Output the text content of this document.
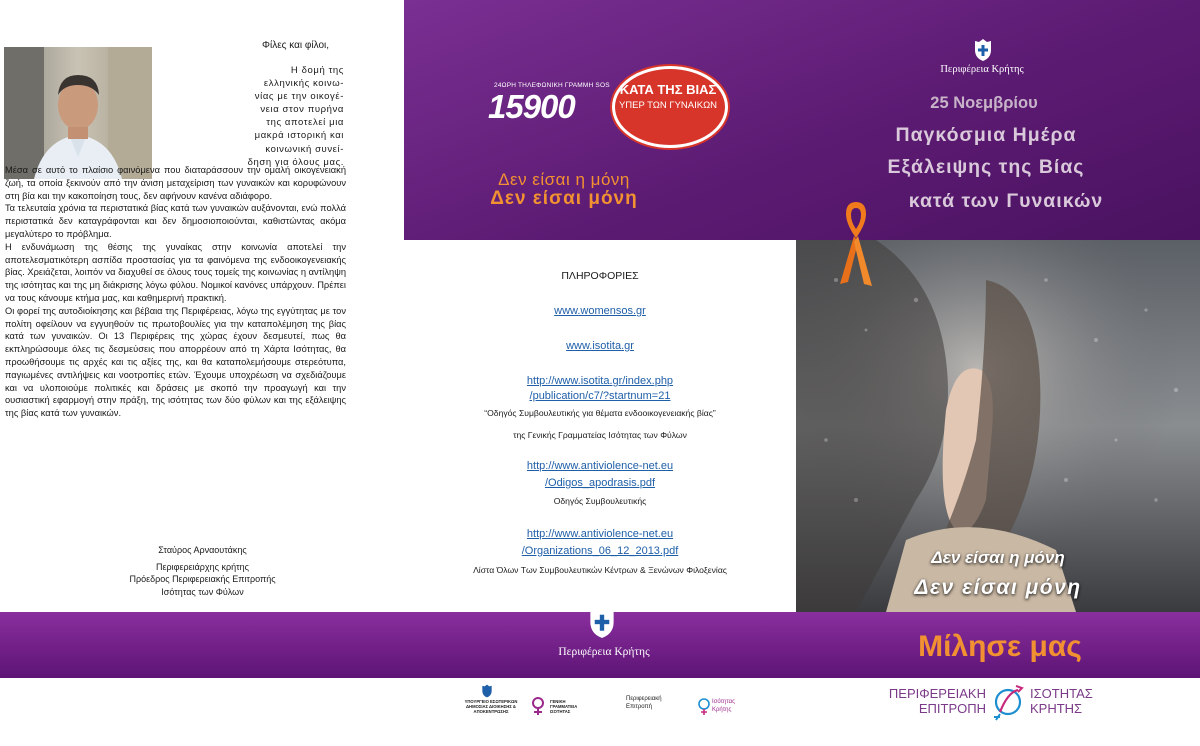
Φίλες και φίλοι,
Η δομή της
ελληνικής κοινω-
νίας με την οικογέ-
νεια στον πυρήνα
της αποτελεί μια
μακρά ιστορική και
κοινωνική συνεί-
δηση για όλους μας.

Μέσα σε αυτό το πλαίσιο φαινόμενα που διαταράσσουν την ομαλή οικογενειακή ζωή, τα οποία ξεκινούν από την άνιση μεταχείριση των γυναικών και κορυφώνουν στη βία και την κακοποίηση τους, δεν αφήνουν κανένα αδιάφορο.

Τα τελευταία χρόνια τα περιστατικά βίας κατά των γυναικών αυξάνονται, ενώ πολλά περιστατικά δεν καταγράφονται και δεν δημοσιοποιούνται, καθιστώντας ακόμα μεγαλύτερο το πρόβλημα.

Η ενδυνάμωση της θέσης της γυναίκας στην κοινωνία αποτελεί την αποτελεσματικότερη ασπίδα προστασίας για τα φαινόμενα της ενδοοικογενειακής βίας. Χρειάζεται, λοιπόν να διαχυθεί σε όλους τους τομείς της κοινωνίας η αντίληψη της ισότητας και της μη διάκρισης λόγω φύλου. Νομικοί κανόνες υπάρχουν. Πρέπει να τους κάνουμε κτήμα μας, και καθημερινή πρακτική.

Οι φορεί της αυτοδιοίκησης και βέβαια της Περιφέρειας, λόγω της εγγύτητας με τον πολίτη οφείλουν να εγγυηθούν τις πρωτοβουλίες για την καταπολέμηση της βίας κατά των γυναικών. Οι 13 Περιφέρεις της χώρας έχουν δεσμευτεί, πως θα εκπληρώσουμε όλες τις δεσμεύσεις που απορρέουν από τη Χάρτα Ισότητας, θα προωθήσουμε τις αρχές και τις αξίες της, και θα καταπολεμήσουμε στερεότυπα, παγιωμένες αντιλήψεις και νοοτροπίες ετών. Έχουμε υποχρέωση να σχεδιάζουμε και να υλοποιούμε πολιτικές και δράσεις με σκοπό την προαγωγή και την ουσιαστική εφαρμογή στην πράξη, της ισότητας των δύο φύλων και της εξάλειψης της βίας κατά των γυναικών.

Σταύρος Αρναουτάκης
Περιφερειάρχης κρήτης
Πρόεδρος Περιφερειακής Επιτροπής
Ισότητας των Φύλων
24ΩΡΗ ΤΗΛΕΦΩΝΙΚΗ ΓΡΑΜΜΗ SOS
15900	ΚΑΤΑ ΤΗΣ ΒΙΑΣ
ΥΠΕΡ ΤΩΝ ΓΥΝΑΙΚΩΝ
Δεν είσαι η μόνη
Δεν είσαι μόνη
Περιφέρεια Κρήτης
25 Νοεμβρίου
Παγκόσμια Ημέρα
Εξάλειψης της Βίας
κατά των Γυναικών
ΠΛΗΡΟΦΟΡΙΕΣ
www.womensos.gr
www.isotita.gr
http://www.isotita.gr/index.php
/publication/c7/?startnum=21
“Οδηγός Συμβουλευτικής για θέματα ενδοοικογενειακής βίας”
της Γενικής Γραμματείας Ισότητας των Φύλων
http://www.antiviolence-net.eu
/Odigos_apodrasis.pdf
Οδηγός Συμβουλευτικής
http://www.antiviolence-net.eu
/Organizations_06_12_2013.pdf
Λίστα Όλων Των Συμβουλευτικών Κέντρων & Ξενώνων Φιλοξενίας
Δεν είσαι η μόνη
Δεν είσαι μόνη
Περιφέρεια Κρήτης	Μίλησε μας
ΥΠΟΥΡΓΕΙΟ ΕΣΩΤΕΡΙΚΩΝ ΔΗΜΟΣΙΑΣ ΔΙΟΙΚΗΣΗΣ & ΑΠΟΚΕΝΤΡΩΣΗΣ
ΓΕΝΙΚΗ ΓΡΑΜΜΑΤΕΙΑ ΙΣΟΤΗΤΑΣ
Περιφερειακή
Επιτροπή
Ισότητας
Κρήτης
ΠΕΡΙΦΕΡΕΙΑΚΗ
ΕΠΙΤΡΟΠΗ
ΙΣΟΤΗΤΑΣ
ΚΡΗΤΗΣ
